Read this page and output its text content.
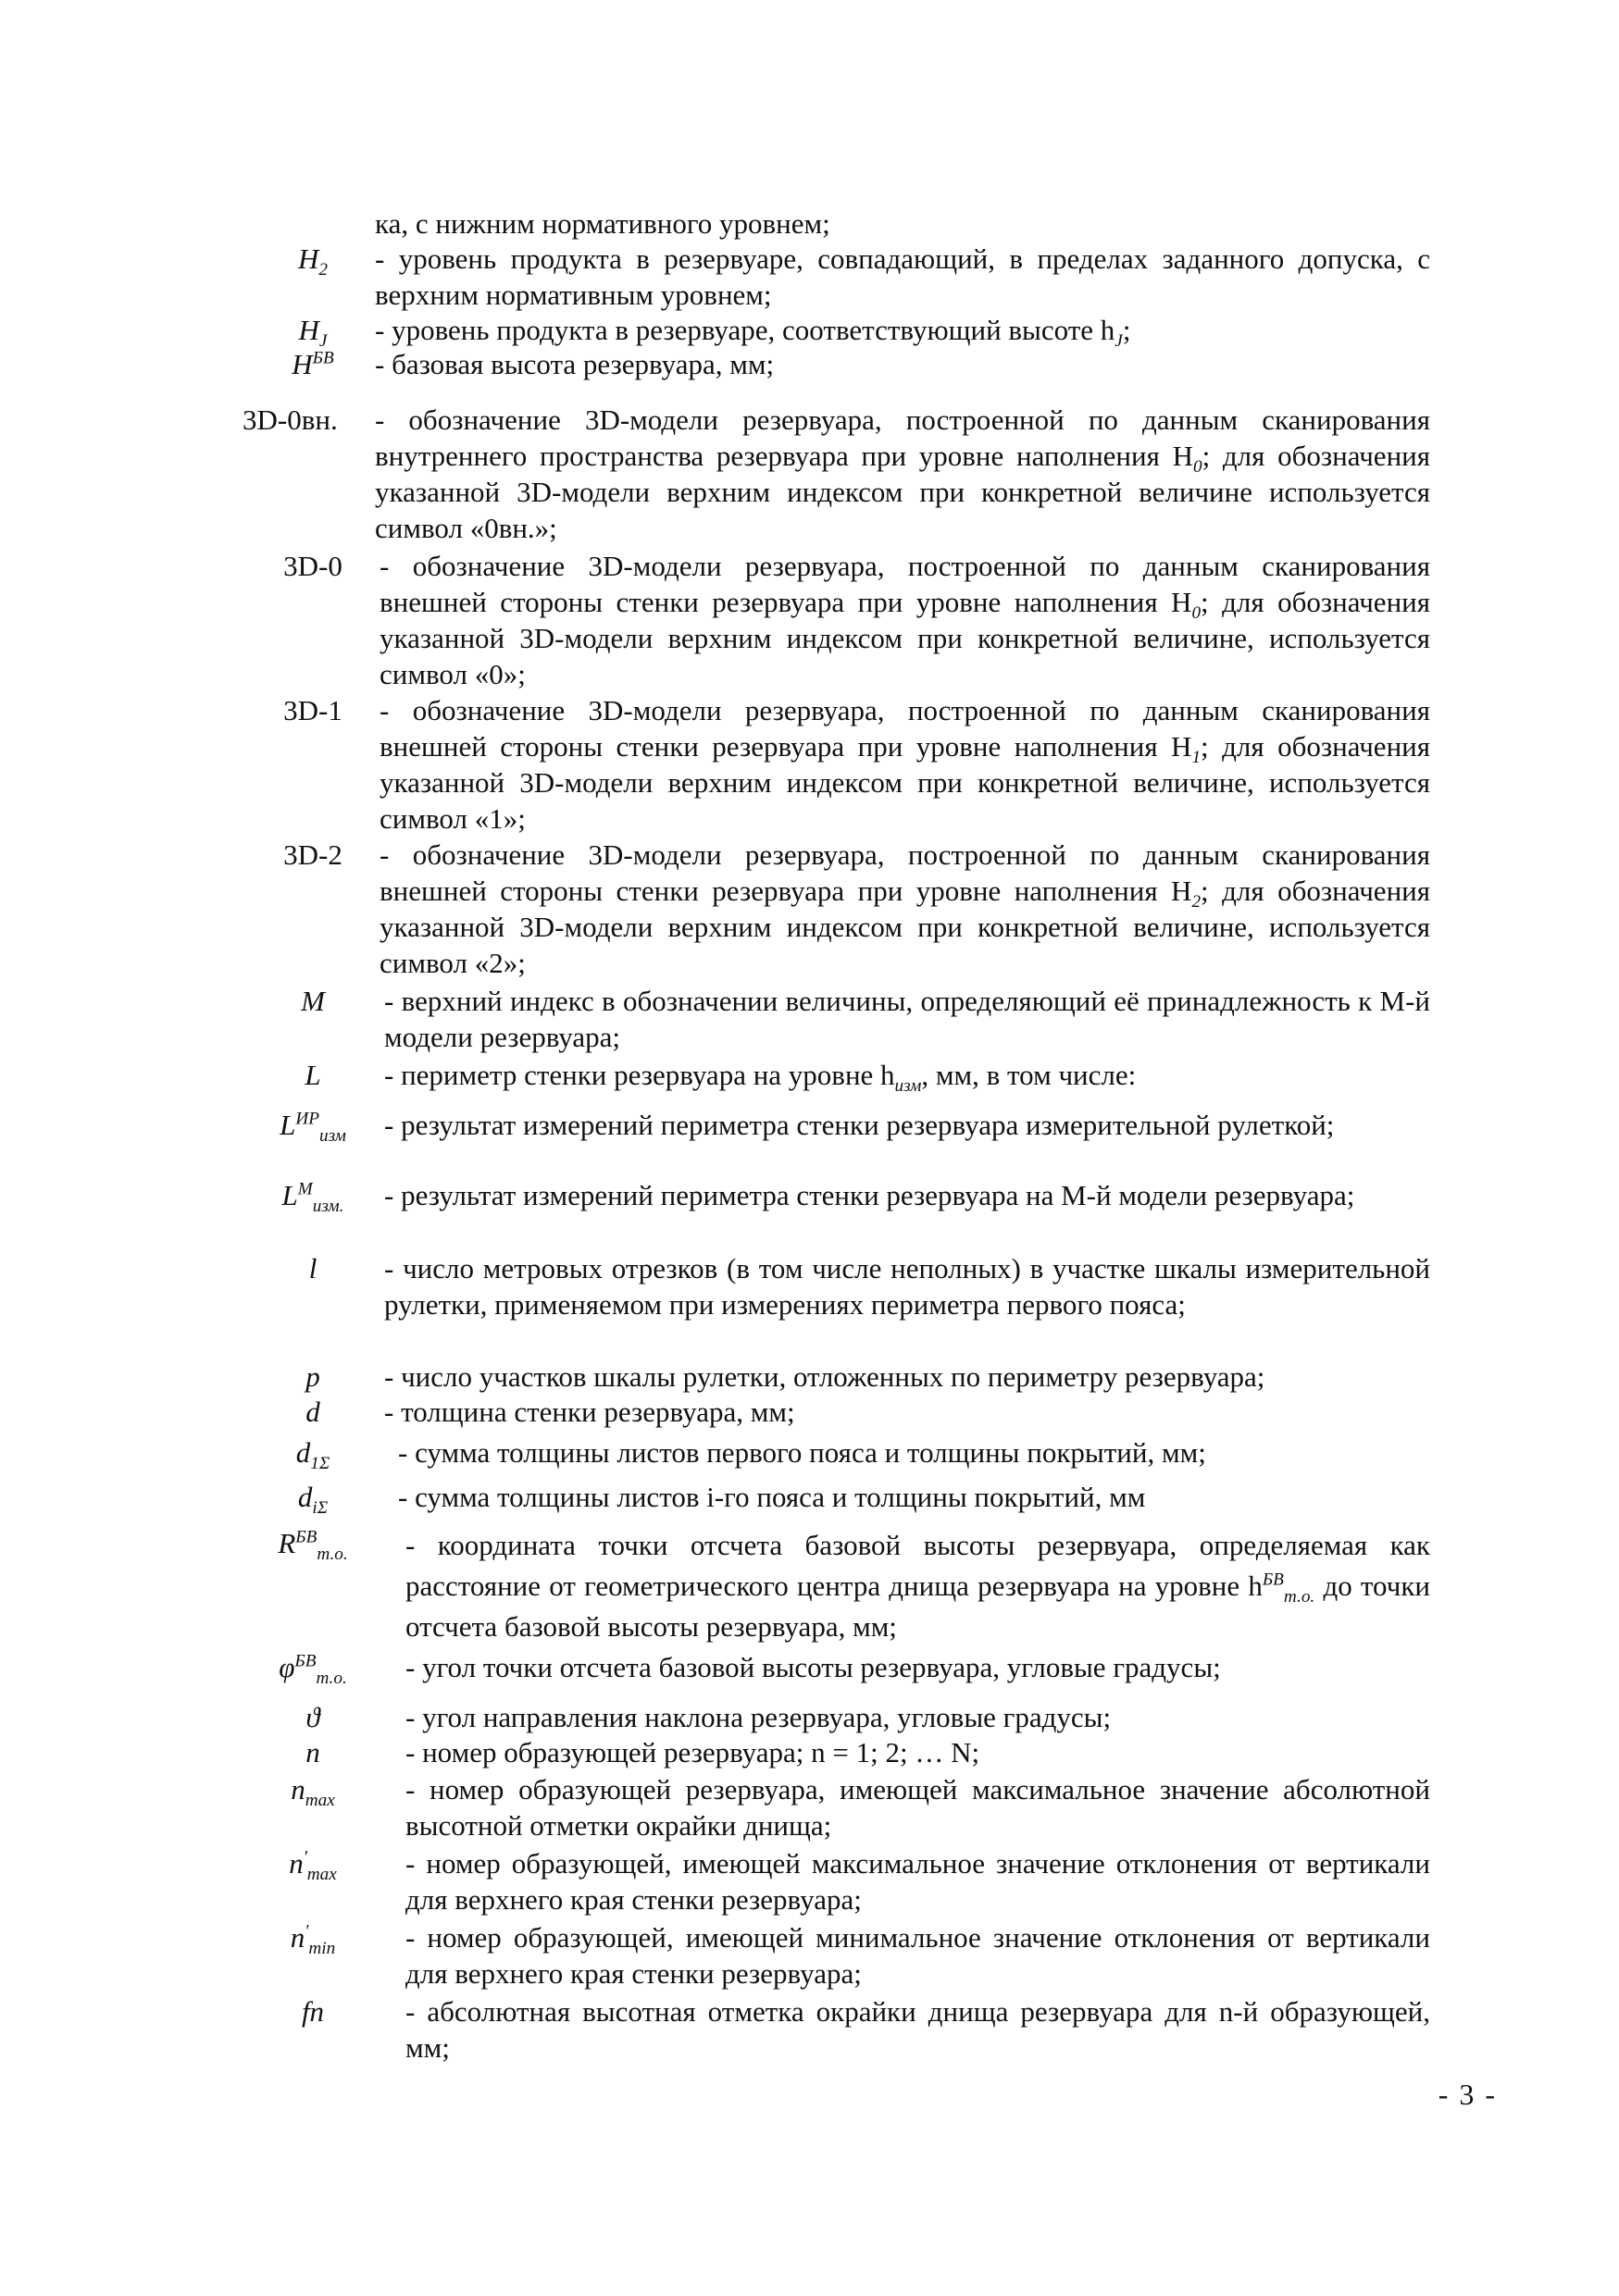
ка, с нижним нормативного уровнем;
$H_2$	- уровень продукта в резервуаре, совпадающий, в пределах заданного допуска, с верхним нормативным уровнем;
$H_J$	- уровень продукта в резервуаре, соответствующий высоте $h_J$;
$H^{БВ}$	- базовая высота резервуара, мм;
3D-0вн.	- обозначение 3D-модели резервуара, построенной по данным сканирования внутреннего пространства резервуара при уровне наполнения $H_0$; для обозначения указанной 3D-модели верхним индексом при конкретной величине используется символ «0вн.»;
3D-0	- обозначение 3D-модели резервуара, построенной по данным сканирования внешней стороны стенки резервуара при уровне наполнения $H_0$; для обозначения указанной 3D-модели верхним индексом при конкретной величине, используется символ «0»;
3D-1	- обозначение 3D-модели резервуара, построенной по данным сканирования внешней стороны стенки резервуара при уровне наполнения $H_1$; для обозначения указанной 3D-модели верхним индексом при конкретной величине, используется символ «1»;
3D-2	- обозначение 3D-модели резервуара, построенной по данным сканирования внешней стороны стенки резервуара при уровне наполнения $H_2$; для обозначения указанной 3D-модели верхним индексом при конкретной величине, используется символ «2»;
M	- верхний индекс в обозначении величины, определяющий её принадлежность к M-й модели резервуара;
L	- периметр стенки резервуара на уровне $h_{изм}$, мм, в том числе:
$L^{ИР}_{изм}$	- результат измерений периметра стенки резервуара измерительной рулеткой;
$L^M_{изм.}$	- результат измерений периметра стенки резервуара на M-й модели резервуара;
l	- число метровых отрезков (в том числе неполных) в участке шкалы измерительной рулетки, применяемом при измерениях периметра первого пояса;
p	- число участков шкалы рулетки, отложенных по периметру резервуара;
d	- толщина стенки резервуара, мм;
$d_{1\Sigma}$	- сумма толщины листов первого пояса и толщины покрытий, мм;
$d_{i\Sigma}$	- сумма толщины листов i-го пояса и толщины покрытий, мм
$R^{БВ}_{т.о.}$	- координата точки отсчета базовой высоты резервуара, определяемая как расстояние от геометрического центра днища резервуара на уровне $h^{БВ}_{т.о.}$ до точки отсчета базовой высоты резервуара, мм;
$\varphi^{БВ}_{т.о.}$	- угол точки отсчета базовой высоты резервуара, угловые градусы;
ϑ	- угол направления наклона резервуара, угловые градусы;
n	- номер образующей резервуара; n = 1; 2; … N;
$n_{max}$	- номер образующей резервуара, имеющей максимальное значение абсолютной высотной отметки окрайки днища;
$n'_{max}$	- номер образующей, имеющей максимальное значение отклонения от вертикали для верхнего края стенки резервуара;
$n'_{min}$	- номер образующей, имеющей минимальное значение отклонения от вертикали для верхнего края стенки резервуара;
fn	- абсолютная высотная отметка окрайки днища резервуара для n-й образующей, мм;
- 3 -
